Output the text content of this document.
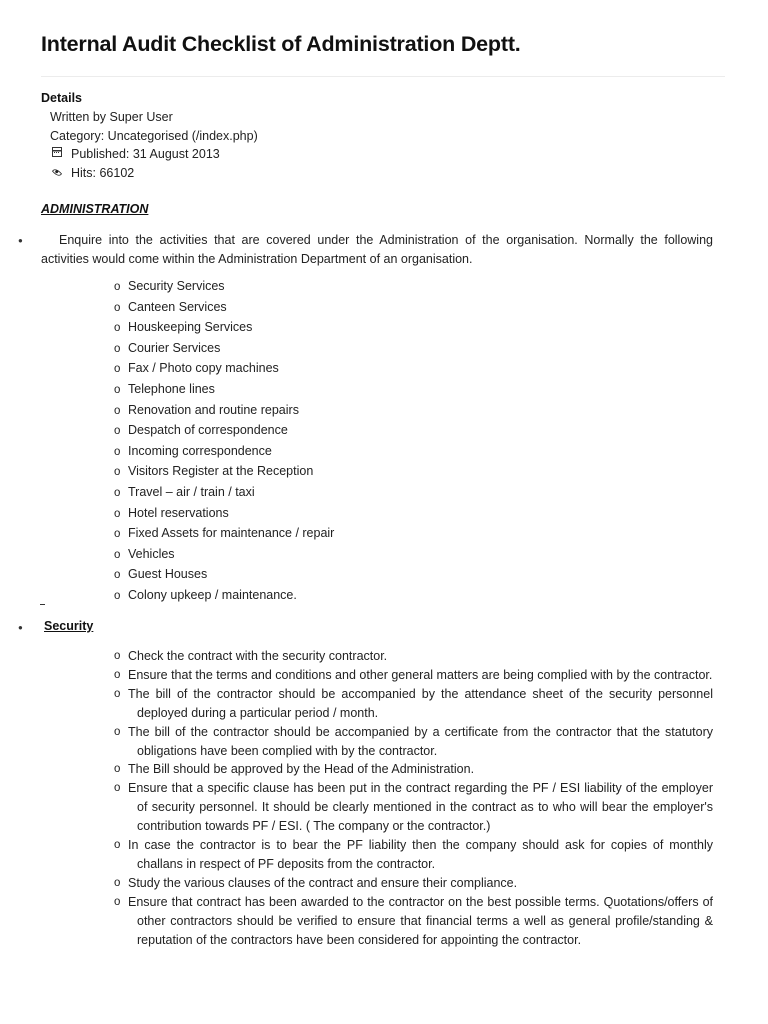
Internal Audit Checklist of Administration Deptt.
Details
Written by Super User
Category: Uncategorised (/index.php)
Published: 31 August 2013
Hits: 66102
ADMINISTRATION
●	Enquire into the activities that are covered under the Administration of the organisation. Normally the following activities would come within the Administration Department of an organisation.
o Security Services
o Canteen Services
o Houskeeping Services
o Courier Services
o Fax / Photo copy machines
o Telephone lines
o Renovation and routine repairs
o Despatch of correspondence
o Incoming correspondence
o Visitors Register at the Reception
o Travel – air / train / taxi
o Hotel reservations
o Fixed Assets for maintenance / repair
o Vehicles
o Guest Houses
o Colony upkeep / maintenance.
● Security
o Check the contract with the security contractor.
o Ensure that the terms and conditions and other general matters are being complied with by the contractor.
o The bill of the contractor should be accompanied by the attendance sheet of the security personnel deployed during a particular period / month.
o The bill of the contractor should be accompanied by a certificate from the contractor that the statutory obligations have been complied with by the contractor.
o The Bill should be approved by the Head of the Administration.
o Ensure that a specific clause has been put in the contract regarding the PF / ESI liability of the employer of security personnel. It should be clearly mentioned in the contract as to who will bear the employer's contribution towards PF / ESI. ( The company or the contractor.)
o In case the contractor is to bear the PF liability then the company should ask for copies of monthly challans in respect of PF deposits from the contractor.
o Study the various clauses of the contract and ensure their compliance.
o Ensure that contract has been awarded to the contractor on the best possible terms. Quotations/offers of other contractors should be verified to ensure that financial terms a well as general profile/standing & reputation of the contractors have been considered for appointing the contractor.
